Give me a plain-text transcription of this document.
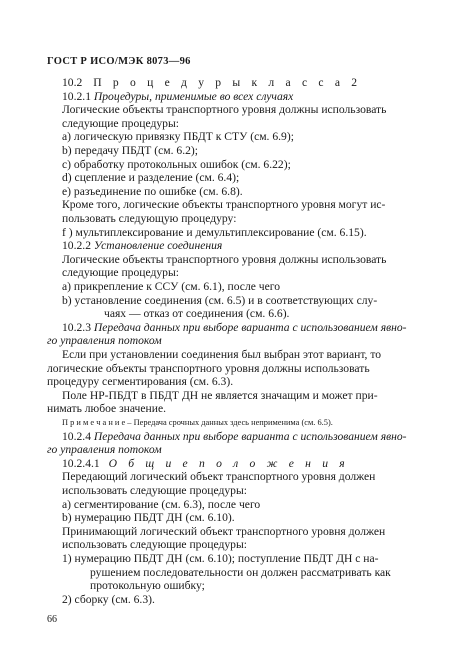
ГОСТ Р ИСО/МЭК 8073—96
10.2 П р о ц е д у р ы к л а с с а 2
10.2.1 Процедуры, применимые во всех случаях
Логические объекты транспортного уровня должны использовать
следующие процедуры:
a) логическую привязку ПБДТ к СТУ (см. 6.9);
b) передачу ПБДТ (см. 6.2);
c) обработку протокольных ошибок (см. 6.22);
d) сцепление и разделение (см. 6.4);
e) разъединение по ошибке (см. 6.8).
Кроме того, логические объекты транспортного уровня могут ис-
пользовать следующую процедуру:
f ) мультиплексирование и демультиплексирование (см. 6.15).
10.2.2 Установление соединения
Логические объекты транспортного уровня должны использовать
следующие процедуры:
a) прикрепление к ССУ (см. 6.1), после чего
b) установление соединения (см. 6.5) и в соответствующих слу-
чаях — отказ от соединения (см. 6.6).
10.2.3 Передача данных при выборе варианта с использованием явно-
го управления потоком
Если при установлении соединения был выбран этот вариант, то
логические объекты транспортного уровня должны использовать
процедуру сегментирования (см. 6.3).
Поле НР-ПБДТ в ПБДТ ДН не является значащим и может при-
нимать любое значение.
П р и м е ч а н и е – Передача срочных данных здесь неприменима (см. 6.5).
10.2.4 Передача данных при выборе варианта с использованием явно-
го управления потоком
10.2.4.1 О б щ и е п о л о ж е н и я
Передающий логический объект транспортного уровня должен
использовать следующие процедуры:
a) сегментирование (см. 6.3), после чего
b) нумерацию ПБДТ ДН (см. 6.10).
Принимающий логический объект транспортного уровня должен
использовать следующие процедуры:
1) нумерацию ПБДТ ДН (см. 6.10); поступление ПБДТ ДН с на-
рушением последовательности он должен рассматривать как
протокольную ошибку;
2) сборку (см. 6.3).
66
